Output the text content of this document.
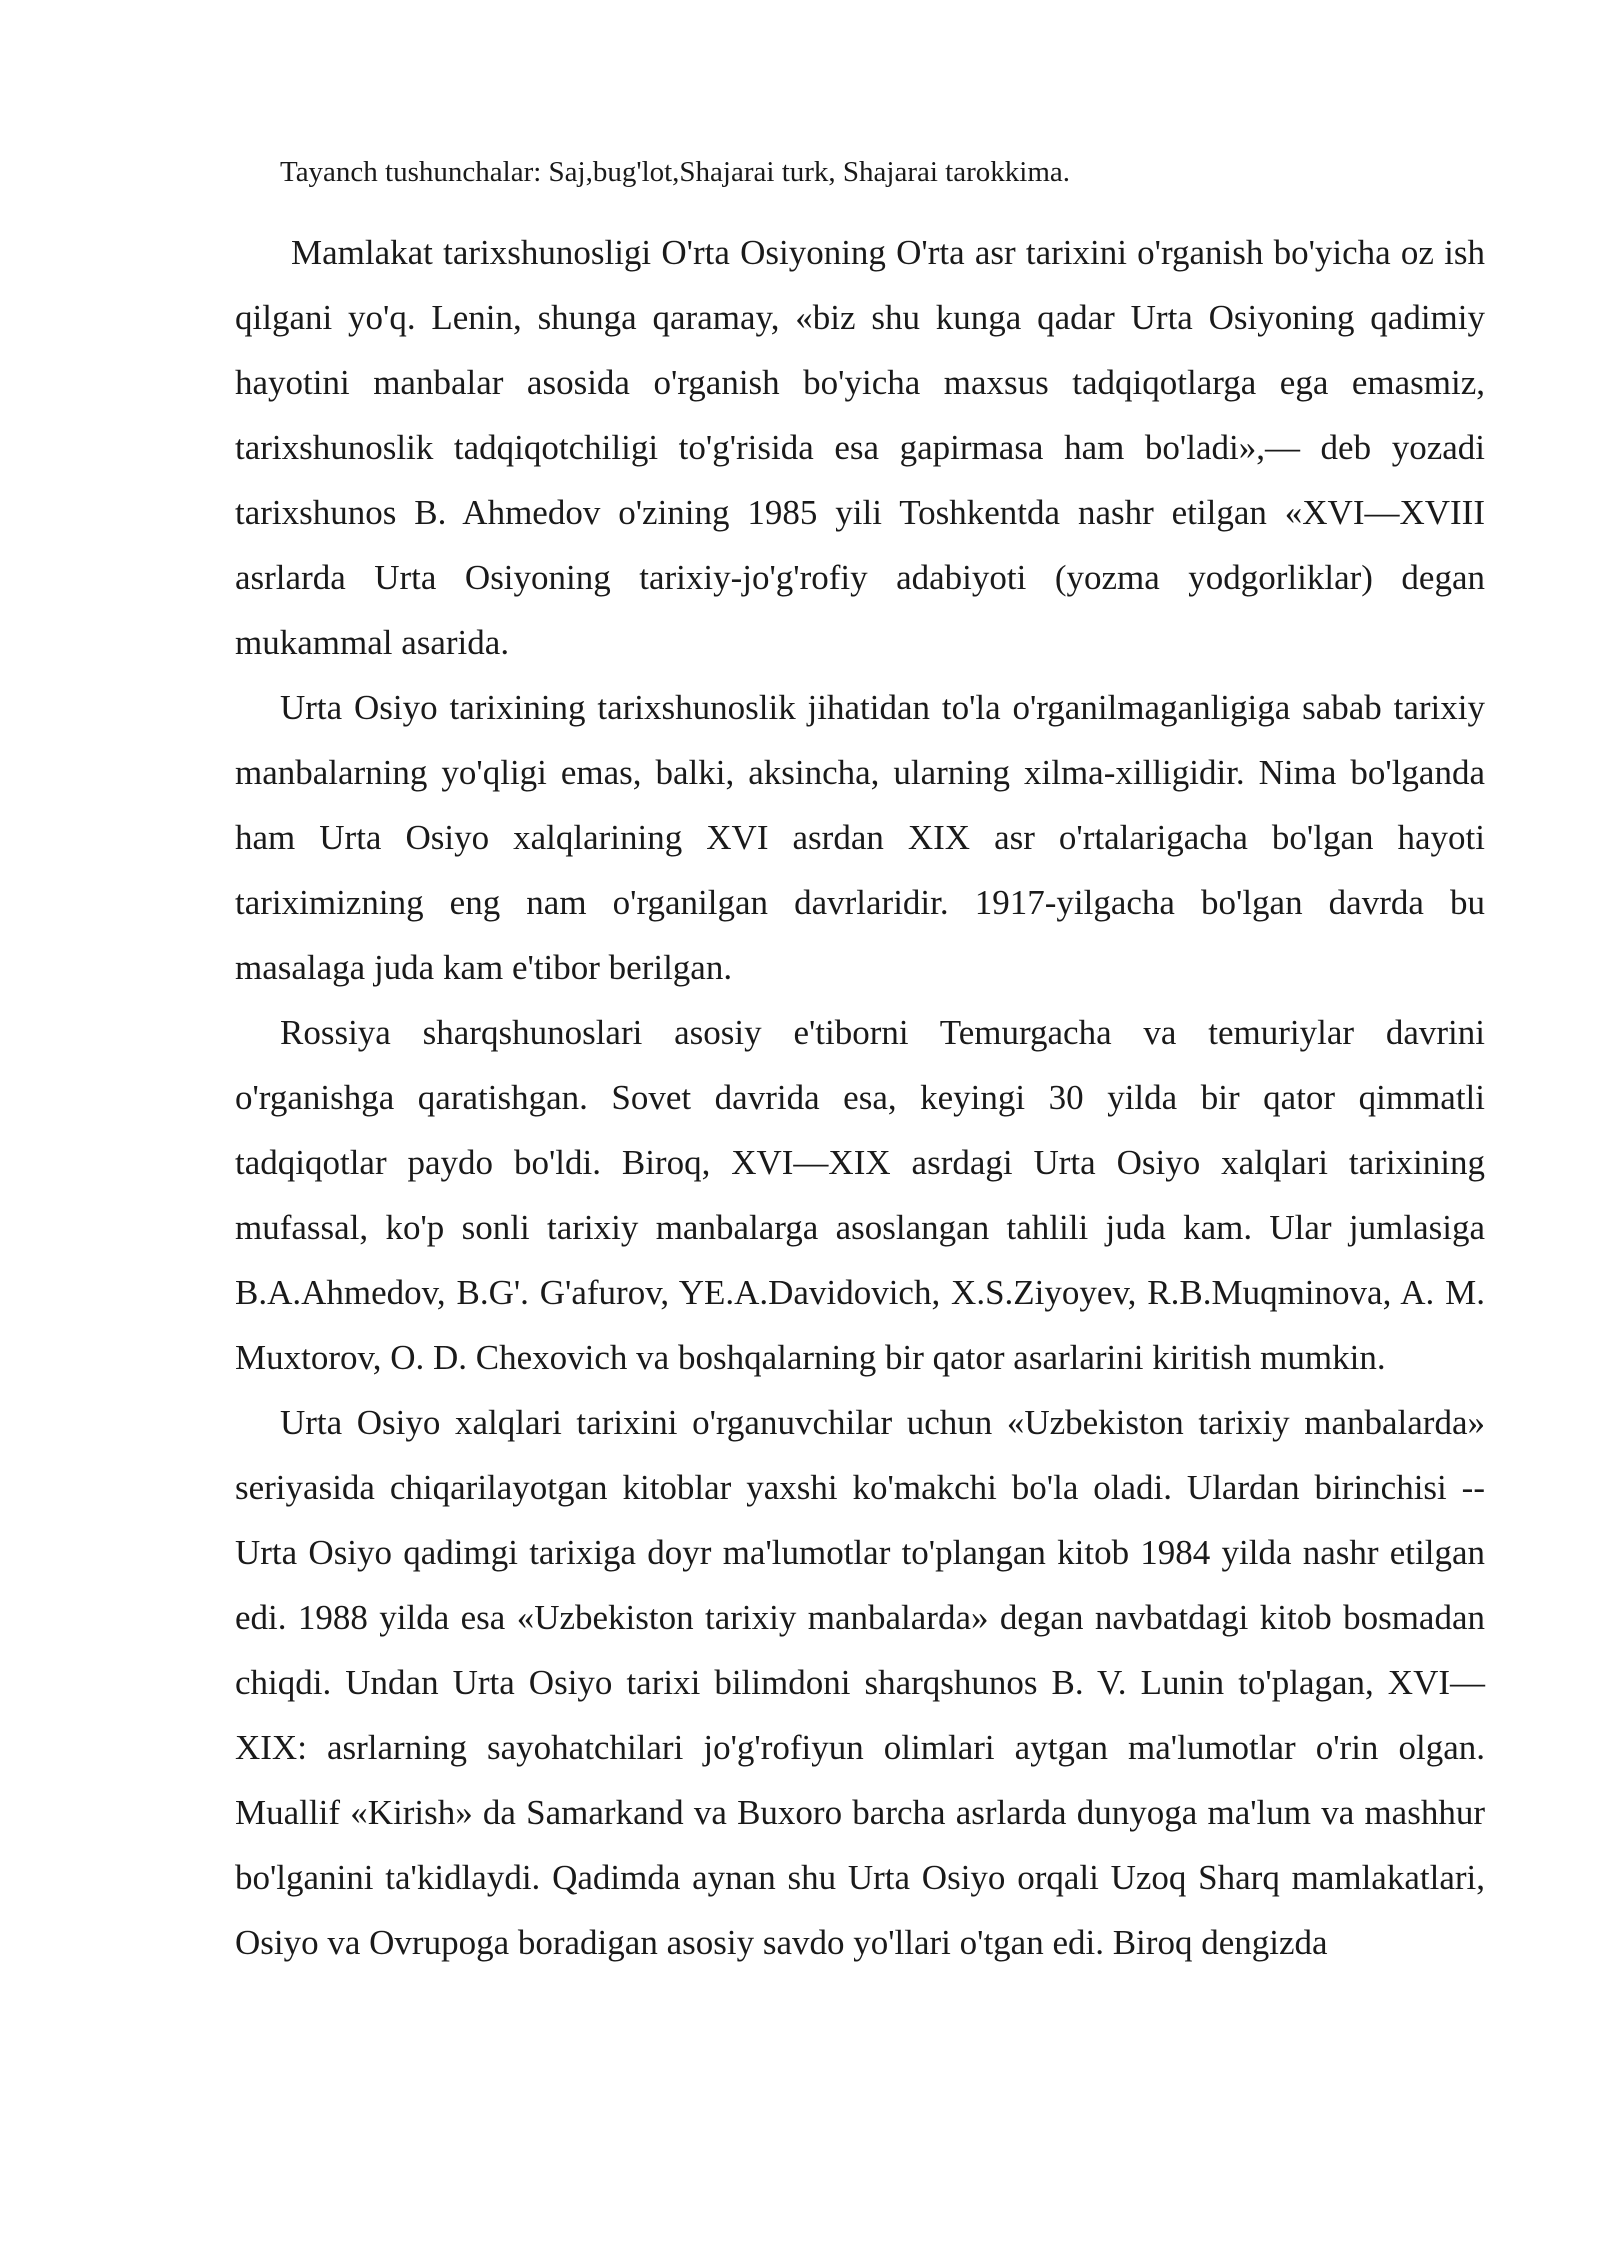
Tayanch tushunchalar: Saj,bug'lot,Shajarai turk, Shajarai tarokkima.

Mamlakat tarixshunosligi O'rta Osiyoning O'rta asr tarixini o'rganish bo'yicha oz ish qilgani yo'q. Lenin, shunga qaramay, «biz shu kunga qadar Urta Osiyoning qadimiy hayotini manbalar asosida o'rganish bo'yicha maxsus tadqiqotlarga ega emasmiz, tarixshunoslik tadqiqotchiligi to'g'risida esa gapirmasa ham bo'ladi»,— deb yozadi tarixshunos B. Ahmedov o'zining 1985 yili Toshkentda nashr etilgan «XVI—XVIII asrlarda Urta Osiyoning tarixiy-jo'g'rofiy adabiyoti (yozma yodgorliklar) degan mukammal asarida.

Urta Osiyo tarixining tarixshunoslik jihatidan to'la o'rganilmaganligiga sabab tarixiy manbalarning yo'qligi emas, balki, aksincha, ularning xilma-xilligidir. Nima bo'lganda ham Urta Osiyo xalqlarining XVI asrdan XIX asr o'rtalarigacha bo'lgan hayoti tariximizning eng nam o'rganilgan davrlaridir. 1917-yilgacha bo'lgan davrda bu masalaga juda kam e'tibor berilgan.

Rossiya sharqshunoslari asosiy e'tiborni Temurgacha va temuriylar davrini o'rganishga qaratishgan. Sovet davrida esa, keyingi 30 yilda bir qator qimmatli tadqiqotlar paydo bo'ldi. Biroq, XVI—XIX asrdagi Urta Osiyo xalqlari tarixining mufassal, ko'p sonli tarixiy manbalarga asoslangan tahlili juda kam. Ular jumlasiga B.A.Ahmedov, B.G'. G'afurov, YE.A.Davidovich, X.S.Ziyoyev, R.B.Muqminova, A. M. Muxtorov, O. D. Chexovich va boshqalarning bir qator asarlarini kiritish mumkin.

Urta Osiyo xalqlari tarixini o'rganuvchilar uchun «Uzbekiston tarixiy manbalarda» seriyasida chiqarilayotgan kitoblar yaxshi ko'makchi bo'la oladi. Ulardan birinchisi -- Urta Osiyo qadimgi tarixiga doyr ma'lumotlar to'plangan kitob 1984 yilda nashr etilgan edi. 1988 yilda esa «Uzbekiston tarixiy manbalarda» degan navbatdagi kitob bosmadan chiqdi. Undan Urta Osiyo tarixi bilimdoni sharqshunos B. V. Lunin to'plagan, XVI—XIX: asrlarning sayohatchilari jo'g'rofiyun olimlari aytgan ma'lumotlar o'rin olgan. Muallif «Kirish» da Samarkand va Buxoro barcha asrlarda dunyoga ma'lum va mashhur bo'lganini ta'kidlaydi. Qadimda aynan shu Urta Osiyo orqali Uzoq Sharq mamlakatlari, Osiyo va Ovrupoga boradigan asosiy savdo yo'llari o'tgan edi. Biroq dengizda
